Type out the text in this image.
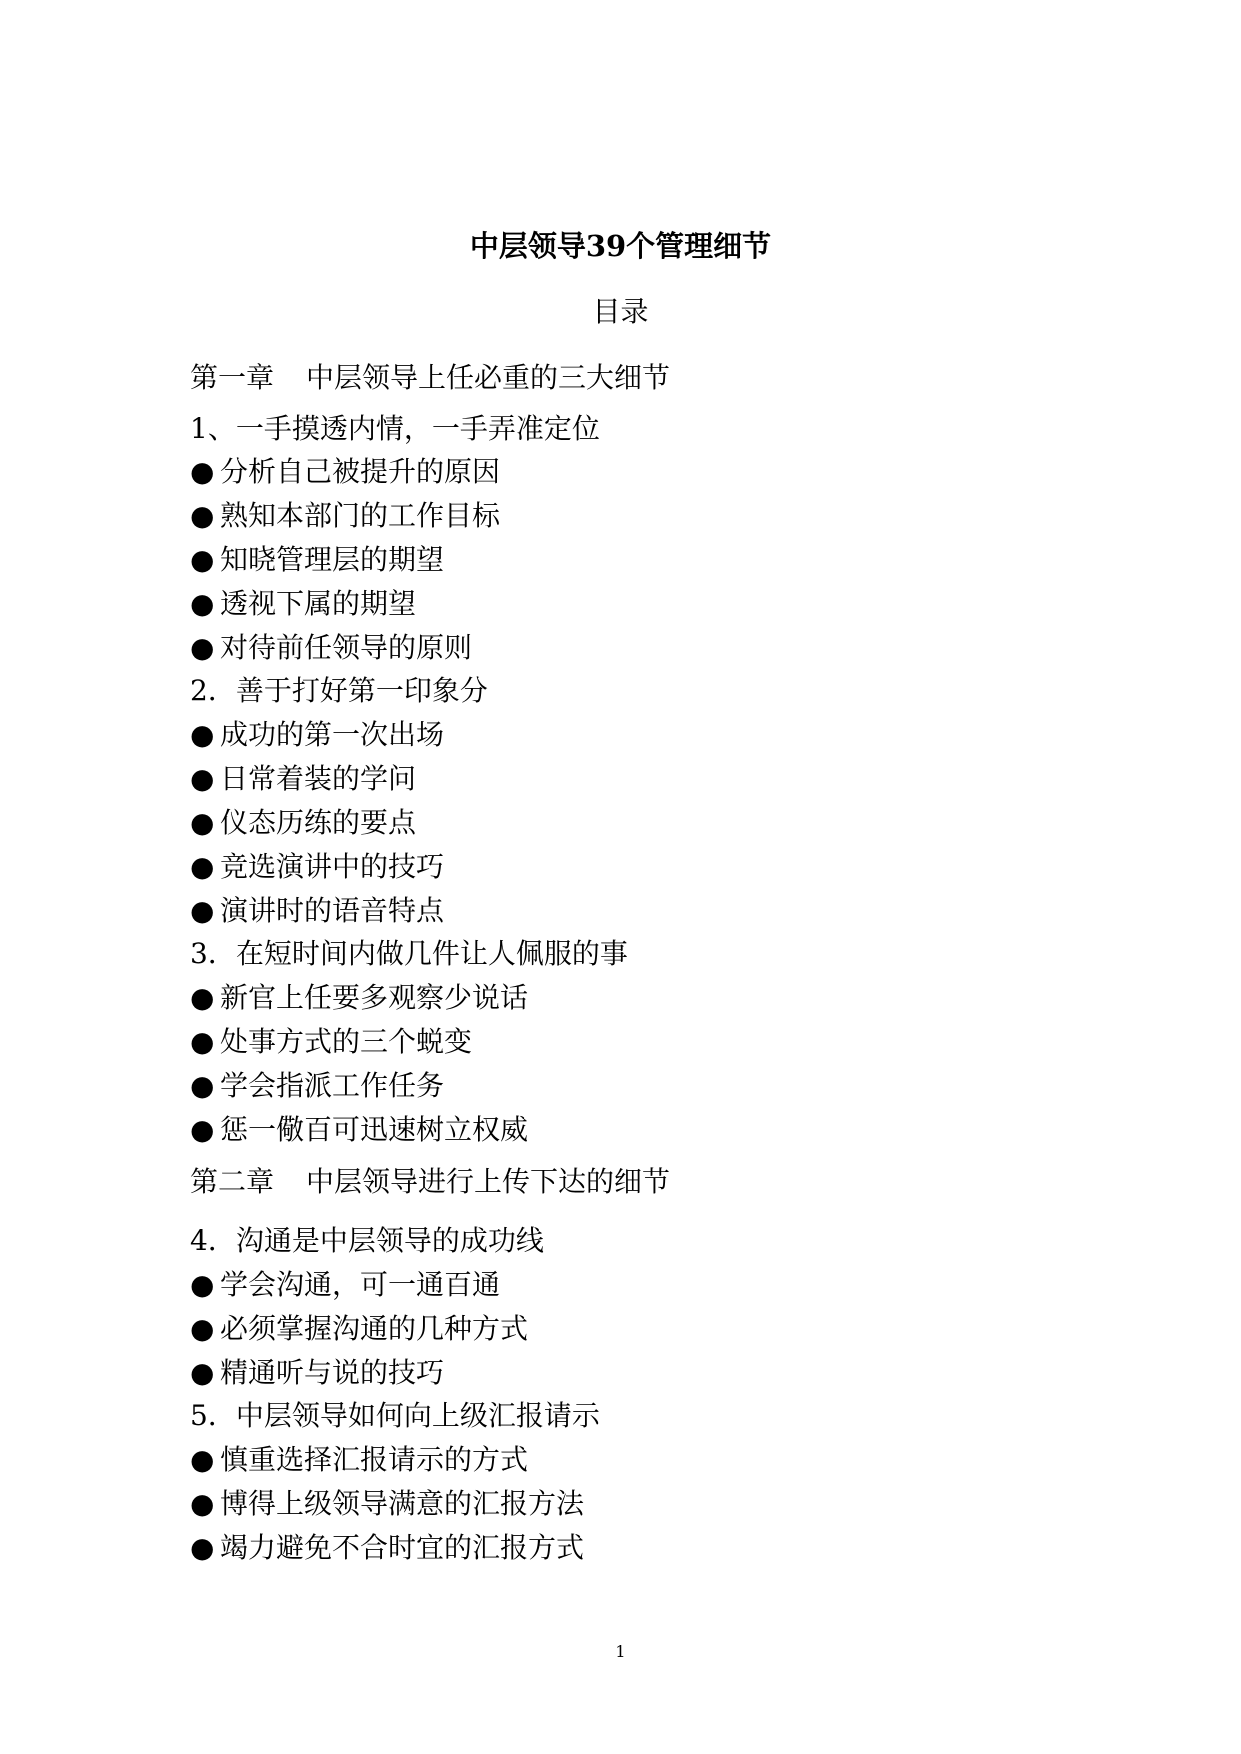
中层领导39个管理细节
目录
第一章 中层领导上任必重的三大细节
1、一手摸透内情，一手弄准定位
● 分析自己被提升的原因
● 熟知本部门的工作目标
● 知晓管理层的期望
● 透视下属的期望
● 对待前任领导的原则
2．善于打好第一印象分
● 成功的第一次出场
● 日常着装的学问
● 仪态历练的要点
● 竞选演讲中的技巧
● 演讲时的语音特点
3．在短时间内做几件让人佩服的事
● 新官上任要多观察少说话
● 处事方式的三个蜕变
● 学会指派工作任务
● 惩一儆百可迅速树立权威
第二章 中层领导进行上传下达的细节
4．沟通是中层领导的成功线
● 学会沟通，可一通百通
● 必须掌握沟通的几种方式
● 精通听与说的技巧
5．中层领导如何向上级汇报请示
● 慎重选择汇报请示的方式
● 博得上级领导满意的汇报方法
● 竭力避免不合时宜的汇报方式
1
